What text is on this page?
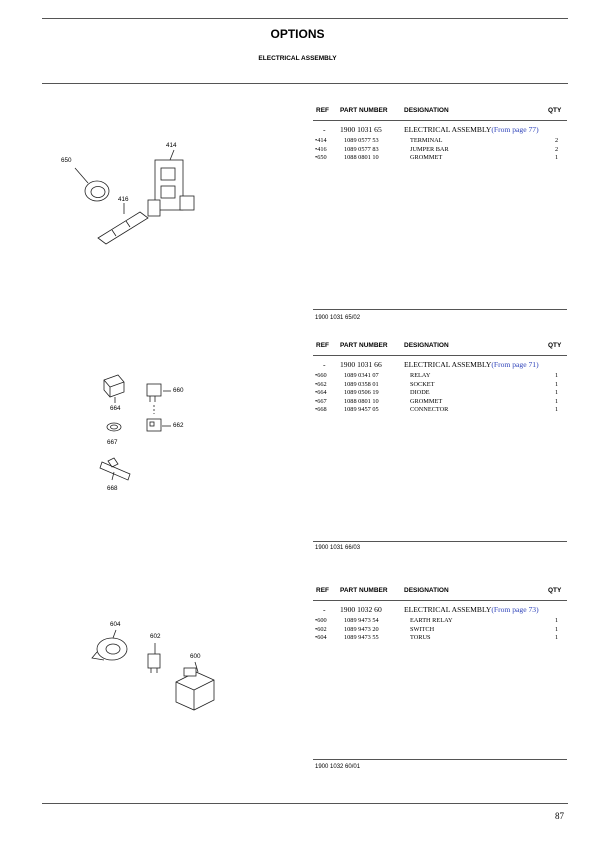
OPTIONS
ELECTRICAL ASSEMBLY
REF PART NUMBER	DESIGNATION	QTY
- 1900 1031 65	ELECTRICAL ASSEMBLY(From page 77)
•414	1089 0577 53	TERMINAL	2
•416	1089 0577 83	JUMPER BAR	2
•650	1088 0801 10	GROMMET	1
1900 1031 65/02
REF PART NUMBER	DESIGNATION	QTY
- 1900 1031 66	ELECTRICAL ASSEMBLY(From page 71)
•660	1089 0341 07	RELAY	1
•662	1089 0358 01	SOCKET	1
•664	1089 0506 19	DIODE	1
•667	1088 0801 10	GROMMET	1
•668	1089 9457 05	CONNECTOR	1
1900 1031 66/03
REF PART NUMBER	DESIGNATION	QTY
- 1900 1032 60	ELECTRICAL ASSEMBLY(From page 73)
•600	1089 9473 54	EARTH RELAY	1
•602	1089 9473 20	SWITCH	1
•604	1089 9473 55	TORUS	1
1900 1032 60/01
650
414
416
660
664
662
667
668
604
602
600
87
